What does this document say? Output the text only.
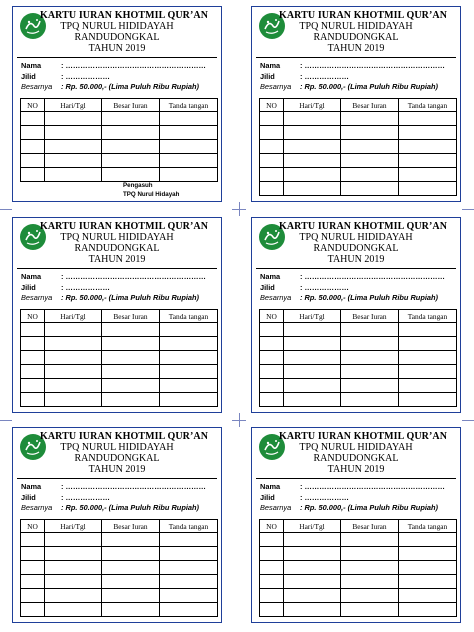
KARTU IURAN KHOTMIL QUR’AN
TPQ NURUL HIDIDAYAH
RANDUDONGKAL
TAHUN 2019
Nama	: …………………………………………………
Jilid	: ………………
Besarnya	: Rp. 50.000,- (Lima Puluh Ribu Rupiah)
NO	Hari/Tgl	Besar Iuran	Tanda tangan

Pengasuh
TPQ Nurul Hidayah
KARTU IURAN KHOTMIL QUR’AN
TPQ NURUL HIDIDAYAH
RANDUDONGKAL
TAHUN 2019
Nama	: …………………………………………………
Jilid	: ………………
Besarnya	: Rp. 50.000,- (Lima Puluh Ribu Rupiah)
NO	Hari/Tgl	Besar Iuran	Tanda tangan

KARTU IURAN KHOTMIL QUR’AN
TPQ NURUL HIDIDAYAH
RANDUDONGKAL
TAHUN 2019
Nama	: …………………………………………………
Jilid	: ………………
Besarnya	: Rp. 50.000,- (Lima Puluh Ribu Rupiah)
NO	Hari/Tgl	Besar Iuran	Tanda tangan

KARTU IURAN KHOTMIL QUR’AN
TPQ NURUL HIDIDAYAH
RANDUDONGKAL
TAHUN 2019
Nama	: …………………………………………………
Jilid	: ………………
Besarnya	: Rp. 50.000,- (Lima Puluh Ribu Rupiah)
NO	Hari/Tgl	Besar Iuran	Tanda tangan

KARTU IURAN KHOTMIL QUR’AN
TPQ NURUL HIDIDAYAH
RANDUDONGKAL
TAHUN 2019
Nama	: …………………………………………………
Jilid	: ………………
Besarnya	: Rp. 50.000,- (Lima Puluh Ribu Rupiah)
NO	Hari/Tgl	Besar Iuran	Tanda tangan

KARTU IURAN KHOTMIL QUR’AN
TPQ NURUL HIDIDAYAH
RANDUDONGKAL
TAHUN 2019
Nama	: …………………………………………………
Jilid	: ………………
Besarnya	: Rp. 50.000,- (Lima Puluh Ribu Rupiah)
NO	Hari/Tgl	Besar Iuran	Tanda tangan
